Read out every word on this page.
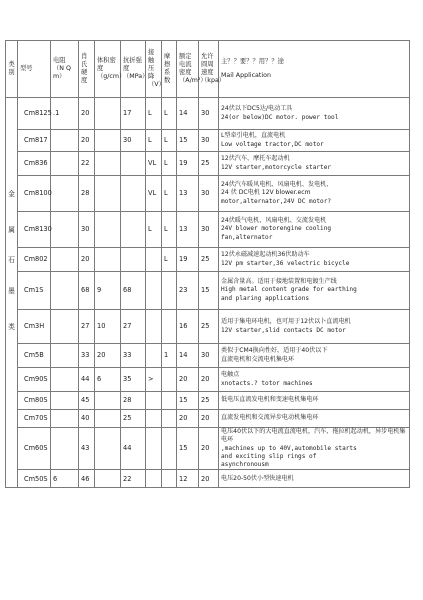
类别	型号	电阻（N Q m）	肖氏硬度	体积密度（g/cm）	抗折强度（MPa）	接触压降（V）	摩擦系数	额定电流密度（A/m²）	允许圆周速度（kpa）	主？？要？？用？？途
Mail Application

	Cm8125	.1	20		17	L	L	14	30	24伏以下DC5达/电动工具
24(or below)DC motor. power tool

	Cm817		20		30	L	L	15	30	L型牵引电机，直流电机
Low voltage tractor,DC motor

	Cm836		22			VL	L	19	25	12伏汽车、摩托车起动机
12V starter,motorcycle starter

金	Cm8100		28			VL	L	13	30	24伏汽车暖风电机、风扇电机、发电机、
24 伏 DC电机 12V blower.ecm
motor,alternator,24V DC motor?

属	Cm8130		30			L	L	13	30	24伏暖气电机、风扇电机、交流发电机
24V blower motorengine cooling
fan,alternator

石	Cm802		20				L	19	25	12伏永磁减速起动机36伏助动车
12V pm starter,36 velectric bicycle

墨	Cm1S		68	9	68			23	15	金属含量高。适用于接地装置和电镀生产线
High metal content grade for earthing
and plaring applications

类	Cm3H		27	10	27			16	25	适用于集电环电机，也可用于12伏以卜直流电机
12V starter,slid contacts DC motor

	Cm5B		33	20	33		1	14	30	类似于CM4换向性好，适用于40伏以下
直流电机和交流电机集电环

	Cm90S		44	6	35	>		20	20	电触点
xnotacts.? totor machines

	Cm80S		45		28			15	25	低电压直流发电机和变速电机集电环

	Cm70S		40		25			20	20	直流发电机和交流异步电动机集电环

	Cm60S		43		44			15	20	电压40伏以下的大电流直流电机，汽车、拖拉机起动机，异步电机集电环
,machines up to 40V,automobile starts
and exciting slip rings of
asynchronousm

	Cm50S	6	46		22			12	20	电压20-50伏小型快速电机
